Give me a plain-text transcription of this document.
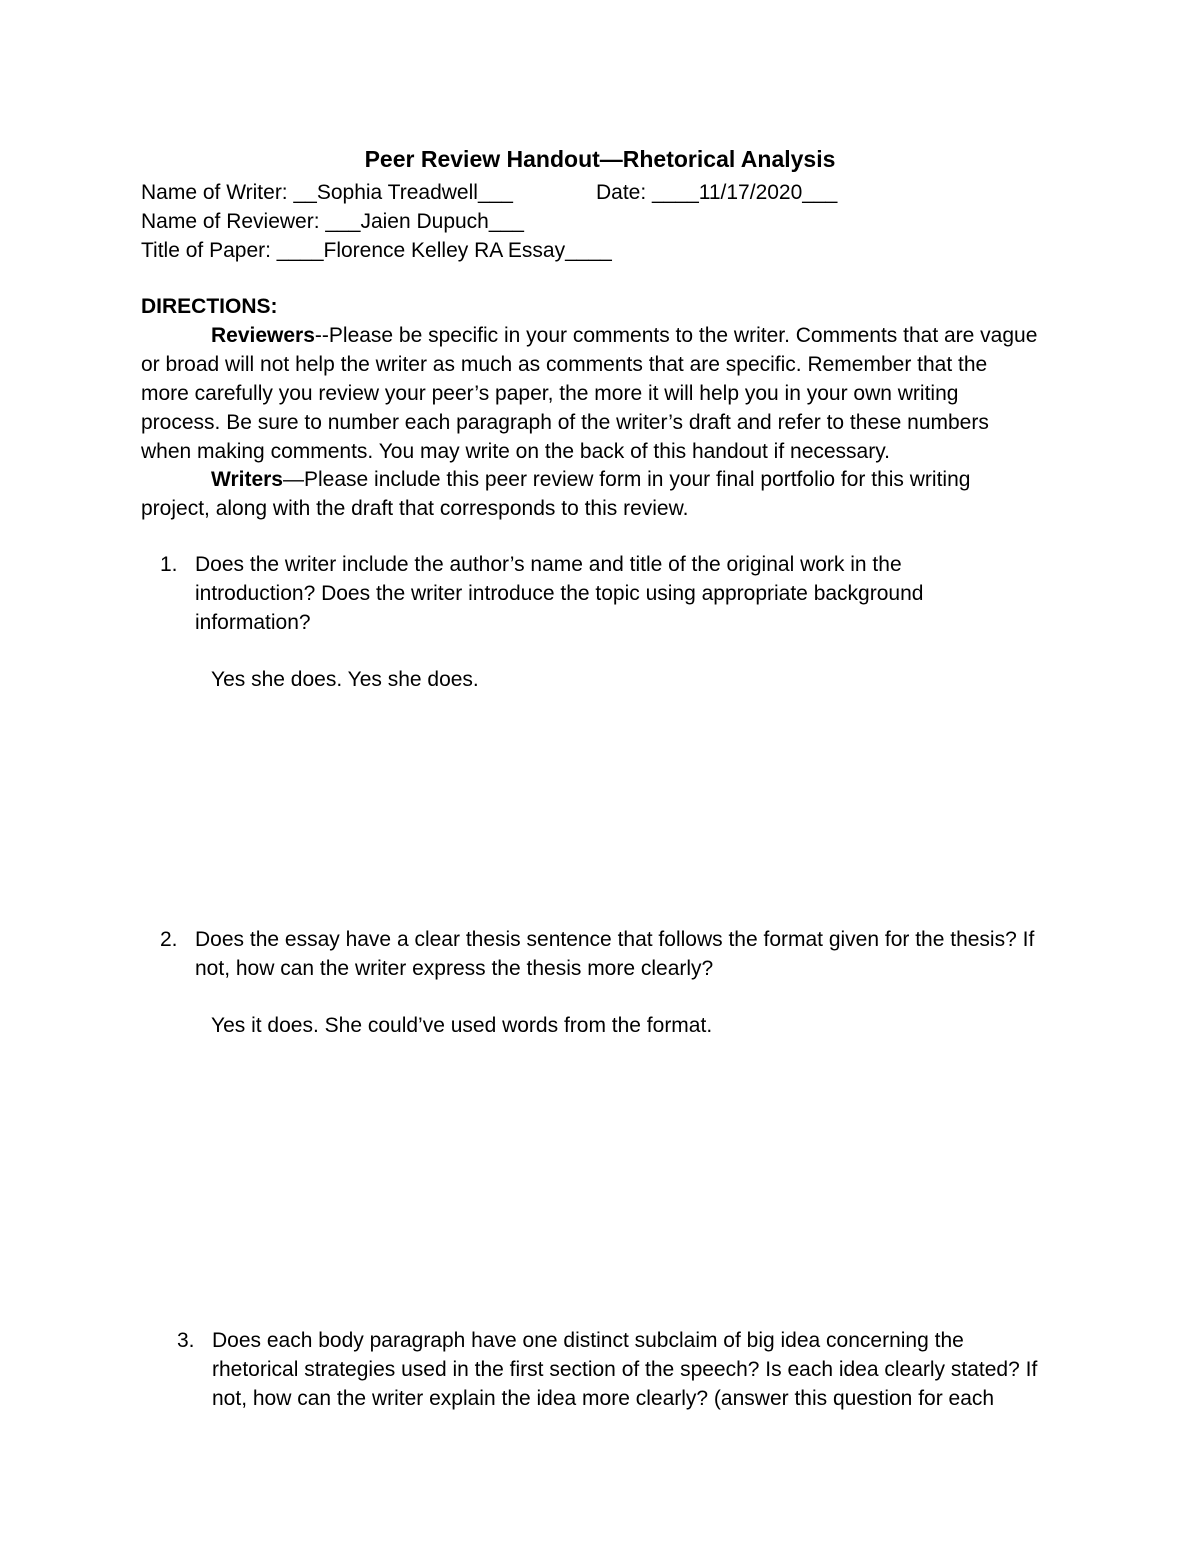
Peer Review Handout—Rhetorical Analysis
Name of Writer: __Sophia Treadwell___	Date: ____11/17/2020___
Name of Reviewer: ___Jaien Dupuch___
Title of Paper: ____Florence Kelley RA Essay____
DIRECTIONS:
Reviewers--Please be specific in your comments to the writer. Comments that are vague
or broad will not help the writer as much as comments that are specific. Remember that the
more carefully you review your peer’s paper, the more it will help you in your own writing
process. Be sure to number each paragraph of the writer’s draft and refer to these numbers
when making comments. You may write on the back of this handout if necessary.
Writers—Please include this peer review form in your final portfolio for this writing
project, along with the draft that corresponds to this review.
1. Does the writer include the author’s name and title of the original work in the
introduction? Does the writer introduce the topic using appropriate background
information?
Yes she does. Yes she does.
2. Does the essay have a clear thesis sentence that follows the format given for the thesis? If
not, how can the writer express the thesis more clearly?
Yes it does. She could’ve used words from the format.
3. Does each body paragraph have one distinct subclaim of big idea concerning the
rhetorical strategies used in the first section of the speech? Is each idea clearly stated? If
not, how can the writer explain the idea more clearly? (answer this question for each
